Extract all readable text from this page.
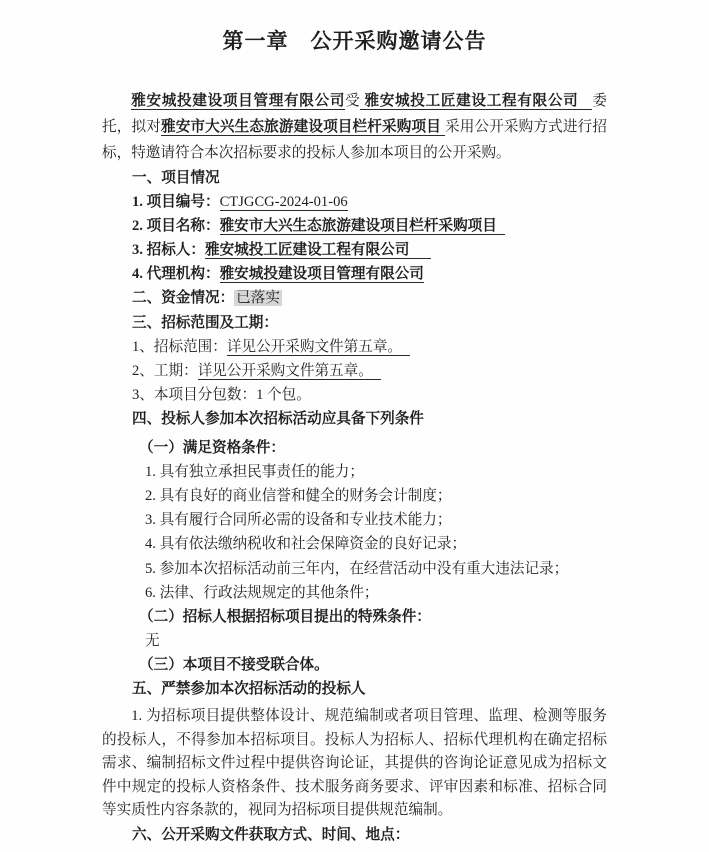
第一章　公开采购邀请公告

雅安城投建设项目管理有限公司受 雅安城投工匠建设工程有限公司 委托，拟对雅安市大兴生态旅游建设项目栏杆采购项目 采用公开采购方式进行招标，特邀请符合本次招标要求的投标人参加本项目的公开采购。

一、项目情况
1. 项目编号：CTJGCG-2024-01-06
2. 项目名称：雅安市大兴生态旅游建设项目栏杆采购项目
3. 招标人：雅安城投工匠建设工程有限公司
4. 代理机构：雅安城投建设项目管理有限公司
二、资金情况： 已落实
三、招标范围及工期：
1、招标范围：详见公开采购文件第五章。
2、工期：详见公开采购文件第五章。
3、本项目分包数：1 个包。
四、投标人参加本次招标活动应具备下列条件
（一）满足资格条件：
1. 具有独立承担民事责任的能力；
2. 具有良好的商业信誉和健全的财务会计制度；
3. 具有履行合同所必需的设备和专业技术能力；
4. 具有依法缴纳税收和社会保障资金的良好记录；
5. 参加本次招标活动前三年内，在经营活动中没有重大违法记录；
6. 法律、行政法规规定的其他条件；
（二）招标人根据招标项目提出的特殊条件：
无
（三）本项目不接受联合体。
五、严禁参加本次招标活动的投标人

1. 为招标项目提供整体设计、规范编制或者项目管理、监理、检测等服务的投标人，不得参加本招标项目。投标人为招标人、招标代理机构在确定招标需求、编制招标文件过程中提供咨询论证，其提供的咨询论证意见成为招标文件中规定的投标人资格条件、技术服务商务要求、评审因素和标准、招标合同等实质性内容条款的，视同为招标项目提供规范编制。

六、公开采购文件获取方式、时间、地点：
